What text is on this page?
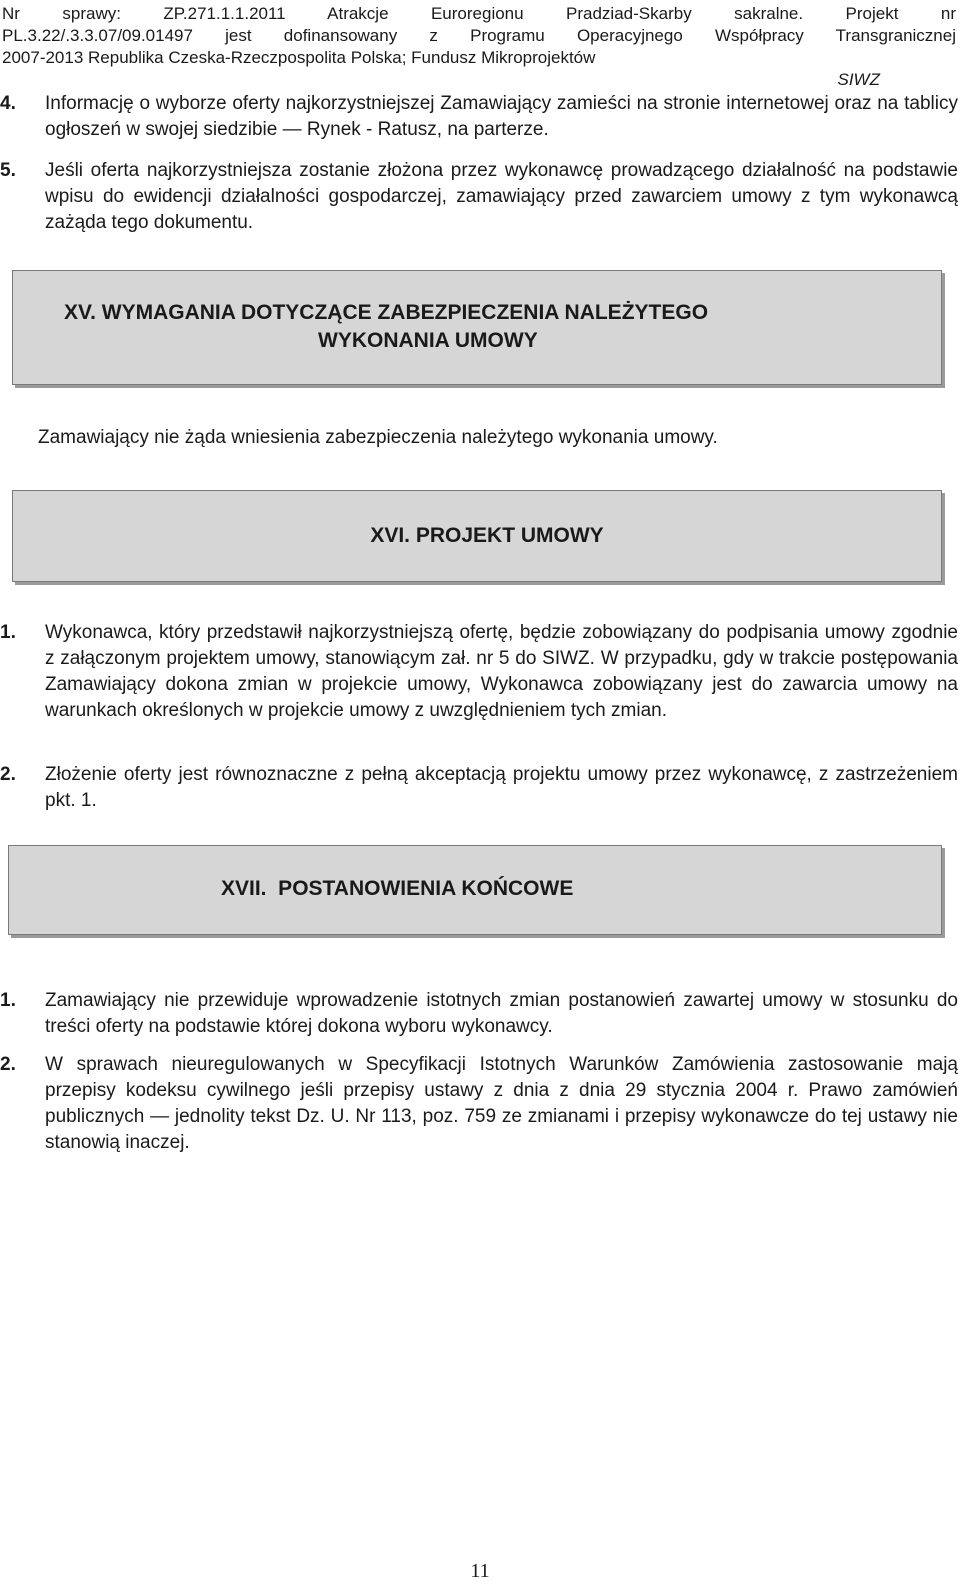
Nr sprawy: ZP.271.1.1.2011 Atrakcje Euroregionu Pradziad-Skarby sakralne. Projekt nr
PL.3.22/.3.3.07/09.01497 jest dofinansowany z Programu Operacyjnego Współpracy Transgranicznej
2007-2013 Republika Czeska-Rzeczpospolita Polska; Fundusz Mikroprojektów
SIWZ
4. Informację o wyborze oferty najkorzystniejszej Zamawiający zamieści na stronie internetowej oraz na tablicy ogłoszeń w swojej siedzibie — Rynek - Ratusz, na parterze.
5. Jeśli oferta najkorzystniejsza zostanie złożona przez wykonawcę prowadzącego działalność na podstawie wpisu do ewidencji działalności gospodarczej, zamawiający przed zawarciem umowy z tym wykonawcą zażąda tego dokumentu.
XV. WYMAGANIA DOTYCZĄCE ZABEZPIECZENIA NALEŻYTEGO
WYKONANIA UMOWY
Zamawiający nie żąda wniesienia zabezpieczenia należytego wykonania umowy.
XVI. PROJEKT UMOWY
1. Wykonawca, który przedstawił najkorzystniejszą ofertę, będzie zobowiązany do podpisania umowy zgodnie z załączonym projektem umowy, stanowiącym zał. nr 5 do SIWZ. W przypadku, gdy w trakcie postępowania Zamawiający dokona zmian w projekcie umowy, Wykonawca zobowiązany jest do zawarcia umowy na warunkach określonych w projekcie umowy z uwzględnieniem tych zmian.
2. Złożenie oferty jest równoznaczne z pełną akceptacją projektu umowy przez wykonawcę, z zastrzeżeniem pkt. 1.
XVII.  POSTANOWIENIA KOŃCOWE
1. Zamawiający nie przewiduje wprowadzenie istotnych zmian postanowień zawartej umowy w stosunku do treści oferty na podstawie której dokona wyboru wykonawcy.
2. W sprawach nieuregulowanych w Specyfikacji Istotnych Warunków Zamówienia zastosowanie mają przepisy kodeksu cywilnego jeśli przepisy ustawy z dnia z dnia 29 stycznia 2004 r. Prawo zamówień publicznych — jednolity tekst Dz. U. Nr 113, poz. 759 ze zmianami i przepisy wykonawcze do tej ustawy nie stanowią inaczej.
11
